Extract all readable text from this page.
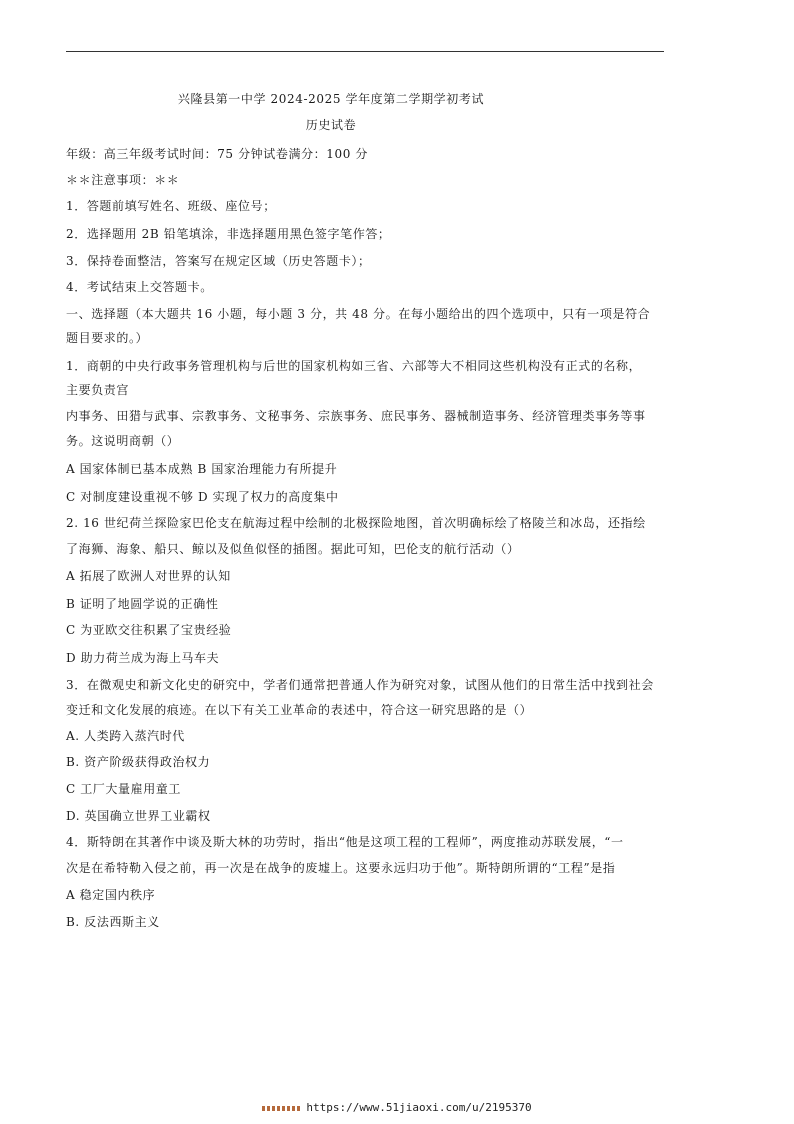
兴隆县第一中学 2024-2025 学年度第二学期学初考试
历史试卷
年级：高三年级考试时间：75 分钟试卷满分：100 分
＊＊注意事项：＊＊
1．答题前填写姓名、班级、座位号；
2．选择题用 2B 铅笔填涂，非选择题用黑色签字笔作答；
3．保持卷面整洁，答案写在规定区域（历史答题卡）；
4．考试结束上交答题卡。
一、选择题（本大题共 16 小题，每小题 3 分，共 48 分。在每小题给出的四个选项中，只有一项是符合
题目要求的。）
1．商朝的中央行政事务管理机构与后世的国家机构如三省、六部等大不相同这些机构没有正式的名称，
主要负责宫
内事务、田猎与武事、宗教事务、文秘事务、宗族事务、庶民事务、器械制造事务、经济管理类事务等事
务。这说明商朝（）
A 国家体制已基本成熟 B 国家治理能力有所提升
C 对制度建设重视不够 D 实现了权力的高度集中
2. 16 世纪荷兰探险家巴伦支在航海过程中绘制的北极探险地图，首次明确标绘了格陵兰和冰岛，还指绘
了海狮、海象、船只、鲸以及似鱼似怪的插图。据此可知，巴伦支的航行活动（）
A 拓展了欧洲人对世界的认知
B 证明了地圆学说的正确性
C 为亚欧交往积累了宝贵经验
D 助力荷兰成为海上马车夫
3．在微观史和新文化史的研究中，学者们通常把普通人作为研究对象，试图从他们的日常生活中找到社会
变迁和文化发展的痕迹。在以下有关工业革命的表述中，符合这一研究思路的是（）
A. 人类跨入蒸汽时代
B. 资产阶级获得政治权力
C 工厂大量雇用童工
D. 英国确立世界工业霸权
4．斯特朗在其著作中谈及斯大林的功劳时，指出“他是这项工程的工程师”，两度推动苏联发展，“一
次是在希特勒入侵之前，再一次是在战争的废墟上。这要永远归功于他”。斯特朗所谓的“工程”是指
A 稳定国内秩序
B. 反法西斯主义
https://www.51jiaoxi.com/u/2195370
